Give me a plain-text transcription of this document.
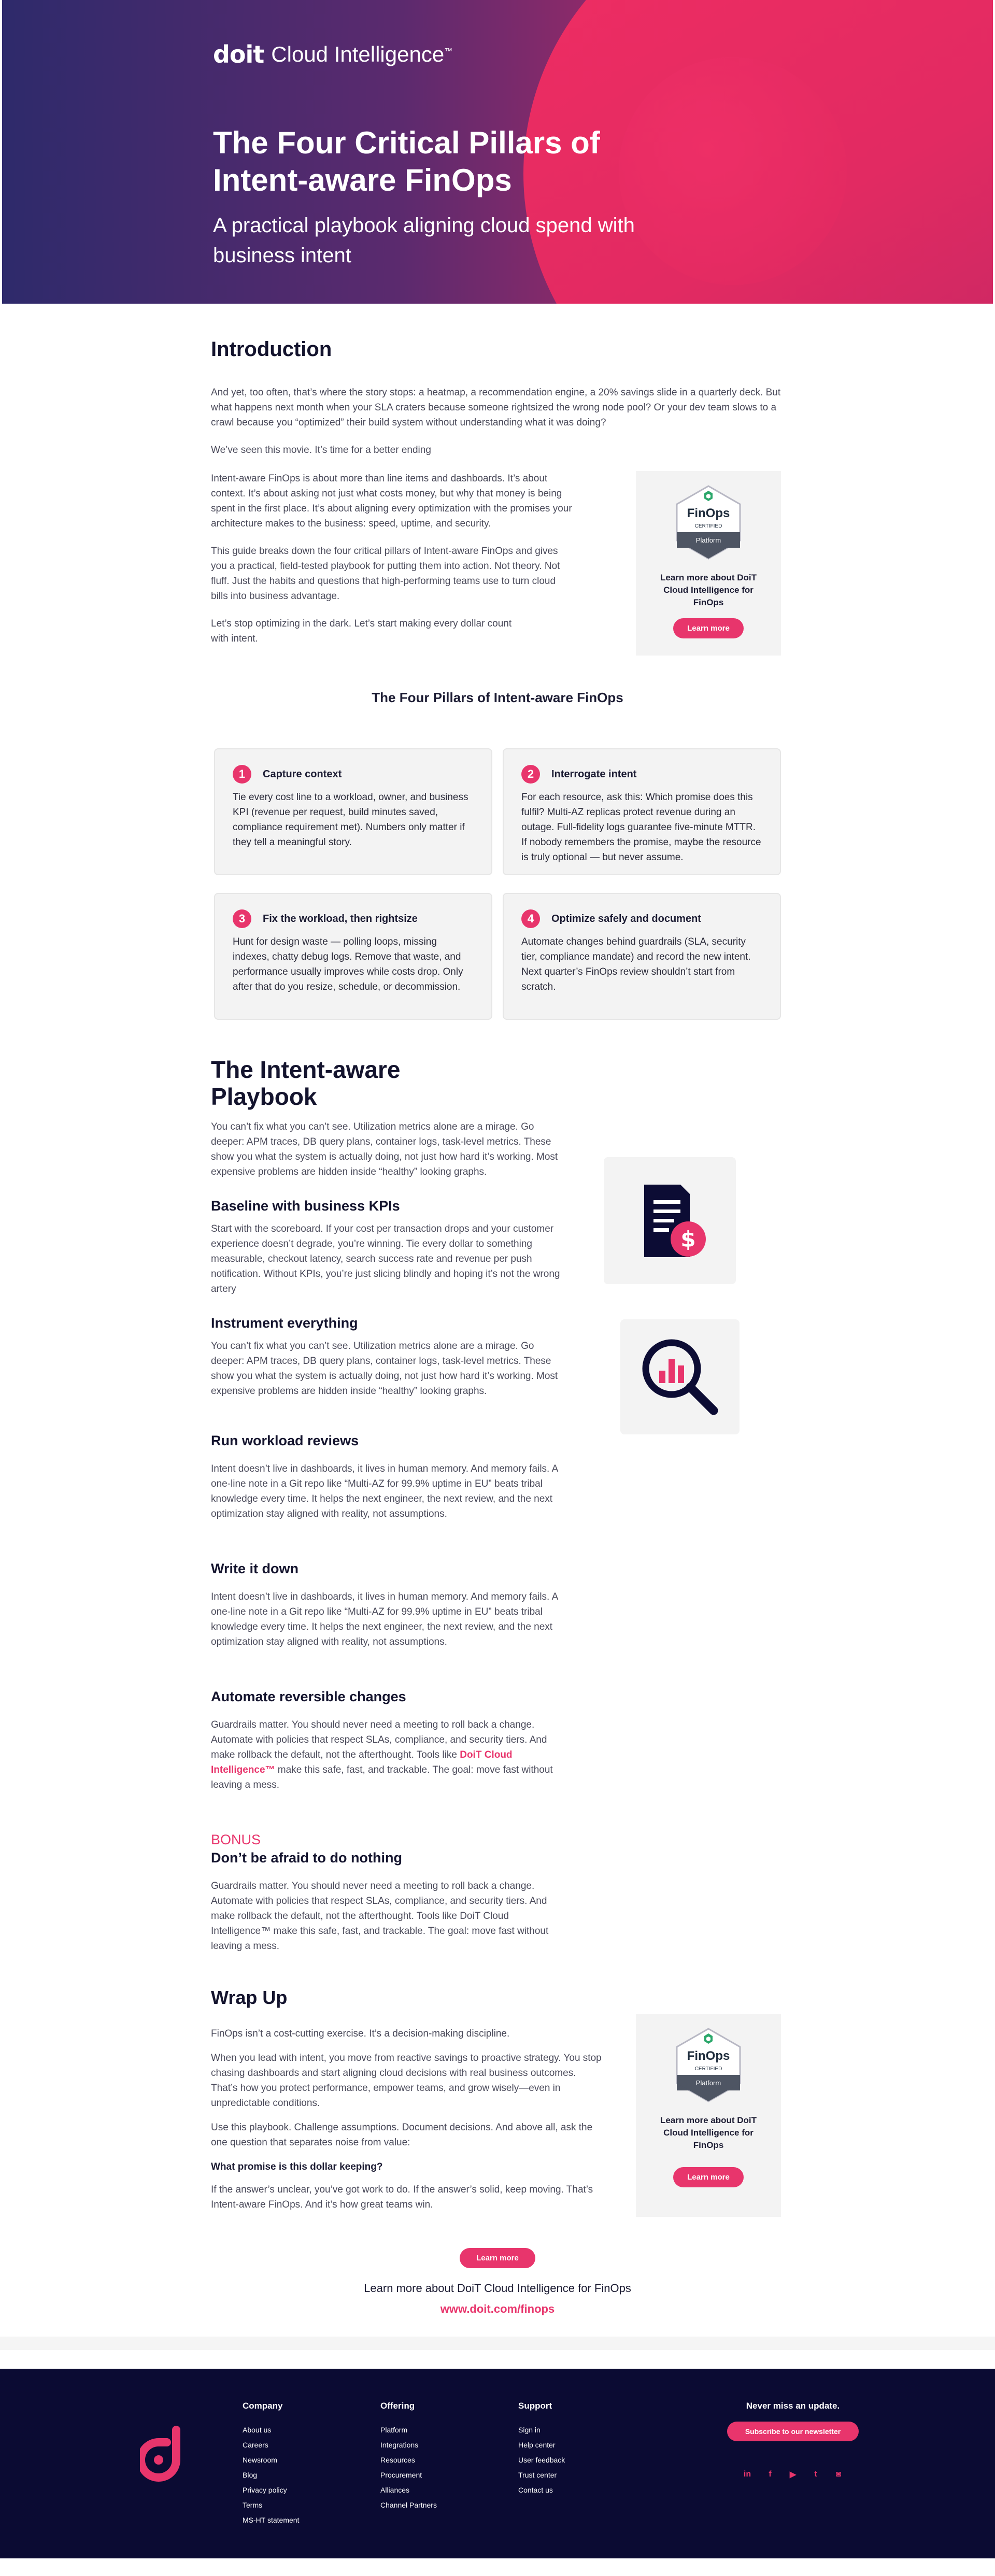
doit Cloud Intelligence™
The Four Critical Pillars of Intent-aware FinOps
A practical playbook aligning cloud spend with business intent
Introduction

And yet, too often, that’s where the story stops: a heatmap, a recommendation engine, a 20% savings slide in a quarterly deck. But what happens next month when your SLA craters because someone rightsized the wrong node pool? Or your dev team slows to a crawl because you “optimized” their build system without understanding what it was doing?

We’ve seen this movie. It’s time for a better ending

Intent-aware FinOps is about more than line items and dashboards. It’s about context. It’s about asking not just what costs money, but why that money is being spent in the first place. It’s about aligning every optimization with the promises your architecture makes to the business: speed, uptime, and security.

This guide breaks down the four critical pillars of Intent-aware FinOps and gives you a practical, field-tested playbook for putting them into action. Not theory. Not fluff. Just the habits and questions that high-performing teams use to turn cloud bills into business advantage.

Let’s stop optimizing in the dark. Let’s start making every dollar count with intent.

FinOps
CERTIFIED
Platform
Learn more about DoiT Cloud Intelligence for FinOps
Learn more
The Four Pillars of Intent-aware FinOps
1	Capture context

Tie every cost line to a workload, owner, and business KPI (revenue per request, build minutes saved, compliance requirement met). Numbers only matter if they tell a meaningful story.

2	Interrogate intent

For each resource, ask this: Which promise does this fulfil? Multi-AZ replicas protect revenue during an outage. Full-fidelity logs guarantee five-minute MTTR. If nobody remembers the promise, maybe the resource is truly optional — but never assume.

3	Fix the workload, then rightsize

Hunt for design waste — polling loops, missing indexes, chatty debug logs. Remove that waste, and performance usually improves while costs drop. Only after that do you resize, schedule, or decommission.

4	Optimize safely and document

Automate changes behind guardrails (SLA, security tier, compliance mandate) and record the new intent. Next quarter’s FinOps review shouldn’t start from scratch.

$
The Intent-aware Playbook

You can’t fix what you can’t see. Utilization metrics alone are a mirage. Go deeper: APM traces, DB query plans, container logs, task-level metrics. These show you what the system is actually doing, not just how hard it’s working. Most expensive problems are hidden inside “healthy” looking graphs.

Baseline with business KPIs

Start with the scoreboard. If your cost per transaction drops and your customer experience doesn’t degrade, you’re winning. Tie every dollar to something measurable, checkout latency, search success rate and revenue per push notification. Without KPIs, you’re just slicing blindly and hoping it’s not the wrong artery

Instrument everything

You can’t fix what you can’t see. Utilization metrics alone are a mirage. Go deeper: APM traces, DB query plans, container logs, task-level metrics. These show you what the system is actually doing, not just how hard it’s working. Most expensive problems are hidden inside “healthy” looking graphs.

Run workload reviews

Intent doesn’t live in dashboards, it lives in human memory. And memory fails. A one-line note in a Git repo like “Multi-AZ for 99.9% uptime in EU” beats tribal knowledge every time. It helps the next engineer, the next review, and the next optimization stay aligned with reality, not assumptions.

Write it down

Intent doesn’t live in dashboards, it lives in human memory. And memory fails. A one-line note in a Git repo like “Multi-AZ for 99.9% uptime in EU” beats tribal knowledge every time. It helps the next engineer, the next review, and the next optimization stay aligned with reality, not assumptions.

Automate reversible changes

Guardrails matter. You should never need a meeting to roll back a change. Automate with policies that respect SLAs, compliance, and security tiers. And make rollback the default, not the afterthought. Tools like DoiT Cloud Intelligence™ make this safe, fast, and trackable. The goal: move fast without leaving a mess.

BONUS
Don’t be afraid to do nothing

Guardrails matter. You should never need a meeting to roll back a change. Automate with policies that respect SLAs, compliance, and security tiers. And make rollback the default, not the afterthought. Tools like DoiT Cloud Intelligence™ make this safe, fast, and trackable. The goal: move fast without leaving a mess.

Wrap Up

FinOps isn’t a cost-cutting exercise. It’s a decision-making discipline.

When you lead with intent, you move from reactive savings to proactive strategy. You stop chasing dashboards and start aligning cloud decisions with real business outcomes. That’s how you protect performance, empower teams, and grow wisely—even in unpredictable conditions.

Use this playbook. Challenge assumptions. Document decisions. And above all, ask the one question that separates noise from value:

What promise is this dollar keeping?

If the answer’s unclear, you’ve got work to do. If the answer’s solid, keep moving. That’s Intent-aware FinOps. And it’s how great teams win.

FinOps
CERTIFIED
Platform
Learn more about DoiT Cloud Intelligence for FinOps
Learn more
Learn more
Learn more about DoiT Cloud Intelligence for FinOps
www.doit.com/finops
Company
About us
Careers
Newsroom
Blog
Privacy policy
Terms
MS-HT statement
Offering
Platform
Integrations
Resources
Procurement
Alliances
Channel Partners
Support
Sign in
Help center
User feedback
Trust center
Contact us
Never miss an update.
Subscribe to our newsletter
in	f	▶	t	◙
